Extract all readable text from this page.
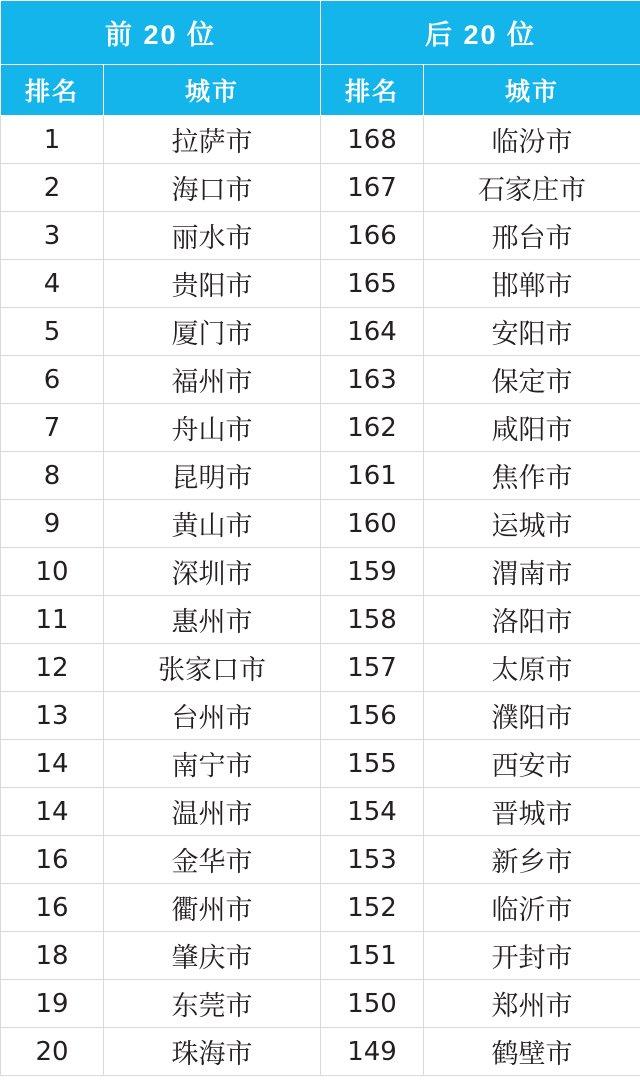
前 20 位		后 20 位	
排名	城市	排名	城市
1	拉萨市	168	临汾市
2	海口市	167	石家庄市
3	丽水市	166	邢台市
4	贵阳市	165	邯郸市
5	厦门市	164	安阳市
6	福州市	163	保定市
7	舟山市	162	咸阳市
8	昆明市	161	焦作市
9	黄山市	160	运城市
10	深圳市	159	渭南市
11	惠州市	158	洛阳市
12	张家口市	157	太原市
13	台州市	156	濮阳市
14	南宁市	155	西安市
14	温州市	154	晋城市
16	金华市	153	新乡市
16	衢州市	152	临沂市
18	肇庆市	151	开封市
19	东莞市	150	郑州市
20	珠海市	149	鹤壁市
